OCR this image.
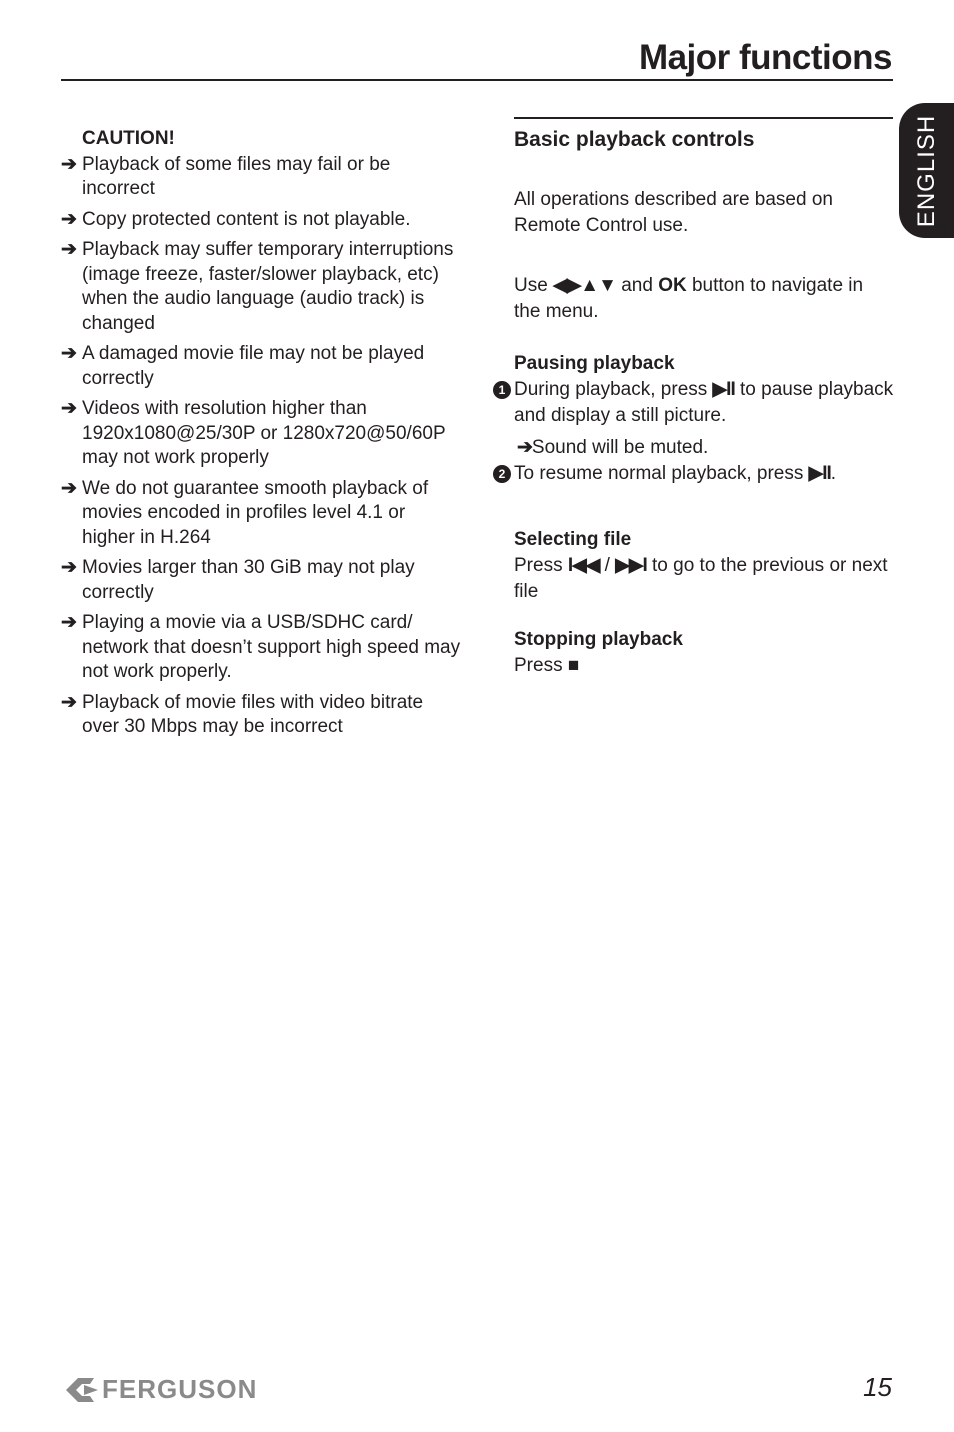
Major functions
ENGLISH

CAUTION!

➔ Playback of some files may fail or be incorrect
➔ Copy protected content is not playable.
➔ Playback may suffer temporary interruptions (image freeze, faster/slower playback, etc) when the audio language (audio track) is changed
➔ A damaged movie file may not be played correctly
➔ Videos with resolution higher than 1920x1080@25/30P or 1280x720@50/60P may not work properly
➔ We do not guarantee smooth playback of movies encoded in profiles level 4.1 or higher in H.264
➔ Movies larger than 30 GiB may not play correctly
➔ Playing a movie via a USB/SDHC card/ network that doesn’t support high speed may not work properly.
➔ Playback of movie files with video bitrate over 30 Mbps may be incorrect

Basic playback controls

All operations described are based on Remote Control use.

Use ◀▶▲▼ and OK button to navigate in the menu.

Pausing playback

1 During playback, press ▶II to pause playback and display a still picture.

➔Sound will be muted.

2 To resume normal playback, press ▶II.

Selecting file

Press I◀◀ / ▶▶I to go to the previous or next file

Stopping playback

Press ■

FERGUSON	15
